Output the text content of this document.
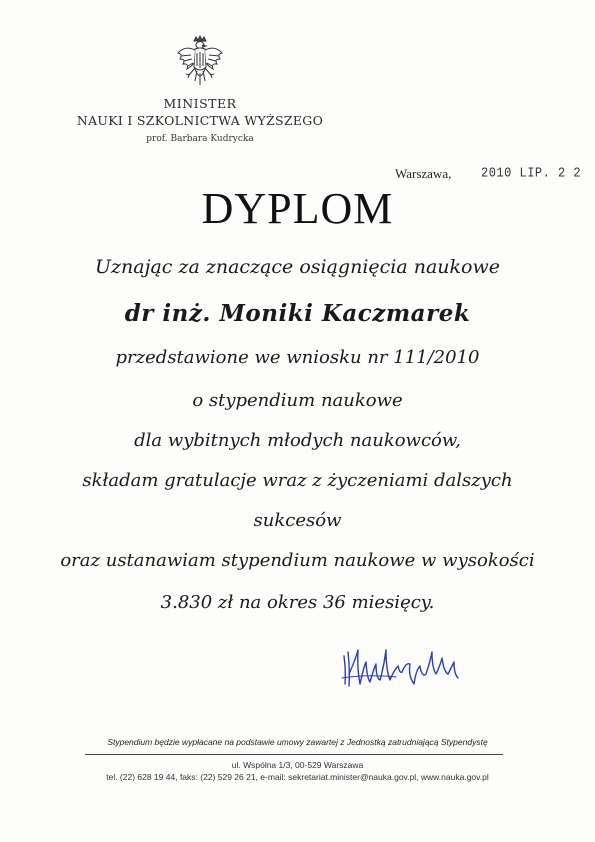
MINISTER
NAUKI I SZKOLNICTWA WYŻSZEGO
prof. Barbara Kudrycka
Warszawa, 2010 LIP. 2 2
DYPLOM
Uznając za znaczące osiągnięcia naukowe
dr inż. Moniki Kaczmarek
przedstawione we wniosku nr 111/2010
o stypendium naukowe
dla wybitnych młodych naukowców,
składam gratulacje wraz z życzeniami dalszych
sukcesów
oraz ustanawiam stypendium naukowe w wysokości
3.830 zł na okres 36 miesięcy.
Stypendium będzie wypłacane na podstawie umowy zawartej z Jednostką zatrudniającą Stypendystę
ul. Wspólna 1/3, 00-529 Warszawa
tel. (22) 628 19 44, faks: (22) 529 26 21, e-mail: sekretariat.minister@nauka.gov.pl, www.nauka.gov.pl
